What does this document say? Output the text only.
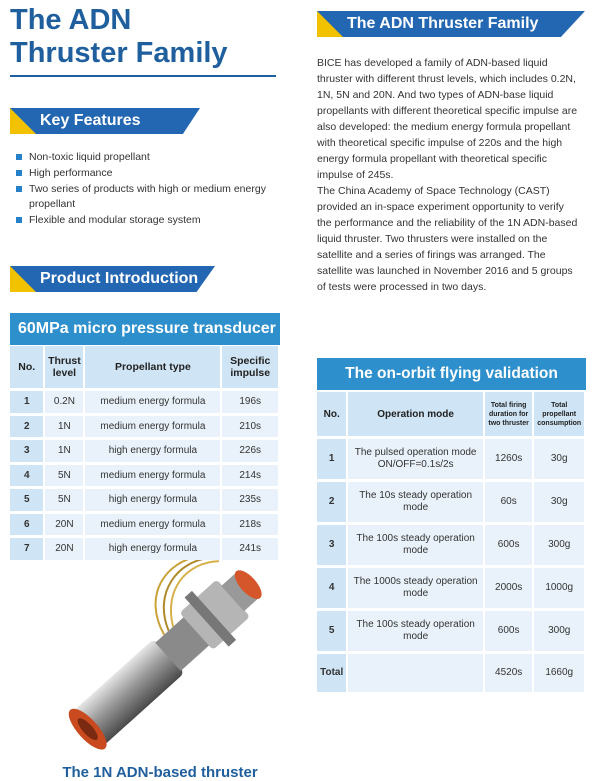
The ADN
Thruster Family
Key Features
Non-toxic liquid propellant
High performance
Two series of products with high or medium energy propellant
Flexible and modular storage system
Product Introduction
60MPa micro pressure transducer
No.	Thrust level	Propellant type	Specific impulse
1	0.2N	medium energy formula	196s
2	1N	medium energy formula	210s
3	1N	high energy formula	226s
4	5N	medium energy formula	214s
5	5N	high energy formula	235s
6	20N	medium energy formula	218s
7	20N	high energy formula	241s
The 1N ADN-based thruster
The ADN Thruster Family

BICE has developed a family of ADN-based liquid thruster with different thrust levels, which includes 0.2N, 1N, 5N and 20N. And two types of ADN-base liquid propellants with different theoretical specific impulse are also developed: the medium energy formula propellant with theoretical specific impulse of 220s and the high energy formula propellant with theoretical specific impulse of 245s.
The China Academy of Space Technology (CAST) provided an in-space experiment opportunity to verify the performance and the reliability of the 1N ADN-based liquid thruster. Two thrusters were installed on the satellite and a series of firings was arranged. The satellite was launched in November 2016 and 5 groups of tests were processed in two days.

The on-orbit flying validation
No.	Operation mode	Total firing duration for two thruster	Total propellant consumption
1	The pulsed operation mode ON/OFF=0.1s/2s	1260s	30g
2	The 10s steady operation mode	60s	30g
3	The 100s steady operation mode	600s	300g
4	The 1000s steady operation mode	2000s	1000g
5	The 100s steady operation mode	600s	300g
Total		4520s	1660g
